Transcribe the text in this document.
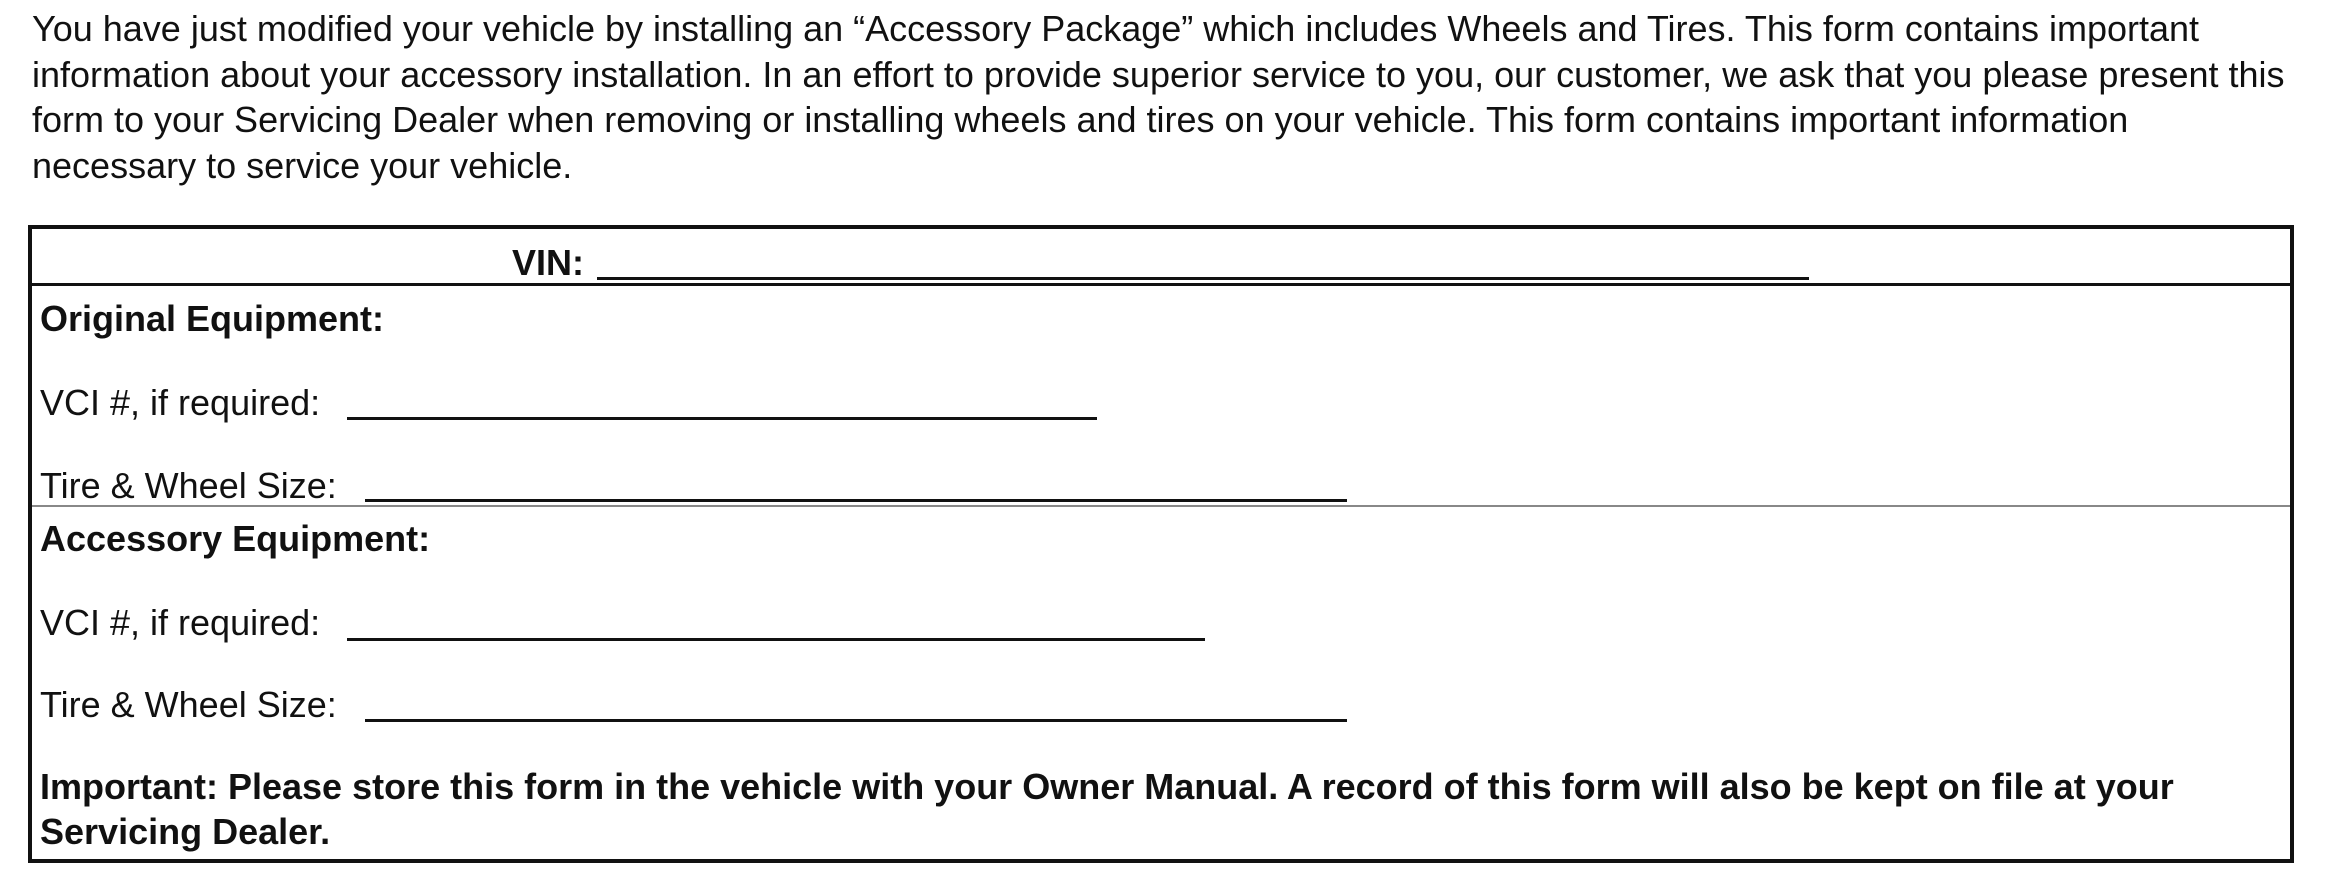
You have just modified your vehicle by installing an “Accessory Package” which includes Wheels and Tires. This form contains important information about your accessory installation. In an effort to provide superior service to you, our customer, we ask that you please present this form to your Servicing Dealer when removing or installing wheels and tires on your vehicle. This form contains important information necessary to service your vehicle.

VIN:
Original Equipment:
VCI #, if required:
Tire & Wheel Size:
Accessory Equipment:
VCI #, if required:
Tire & Wheel Size:

Important: Please store this form in the vehicle with your Owner Manual. A record of this form will also be kept on file at your Servicing Dealer.
